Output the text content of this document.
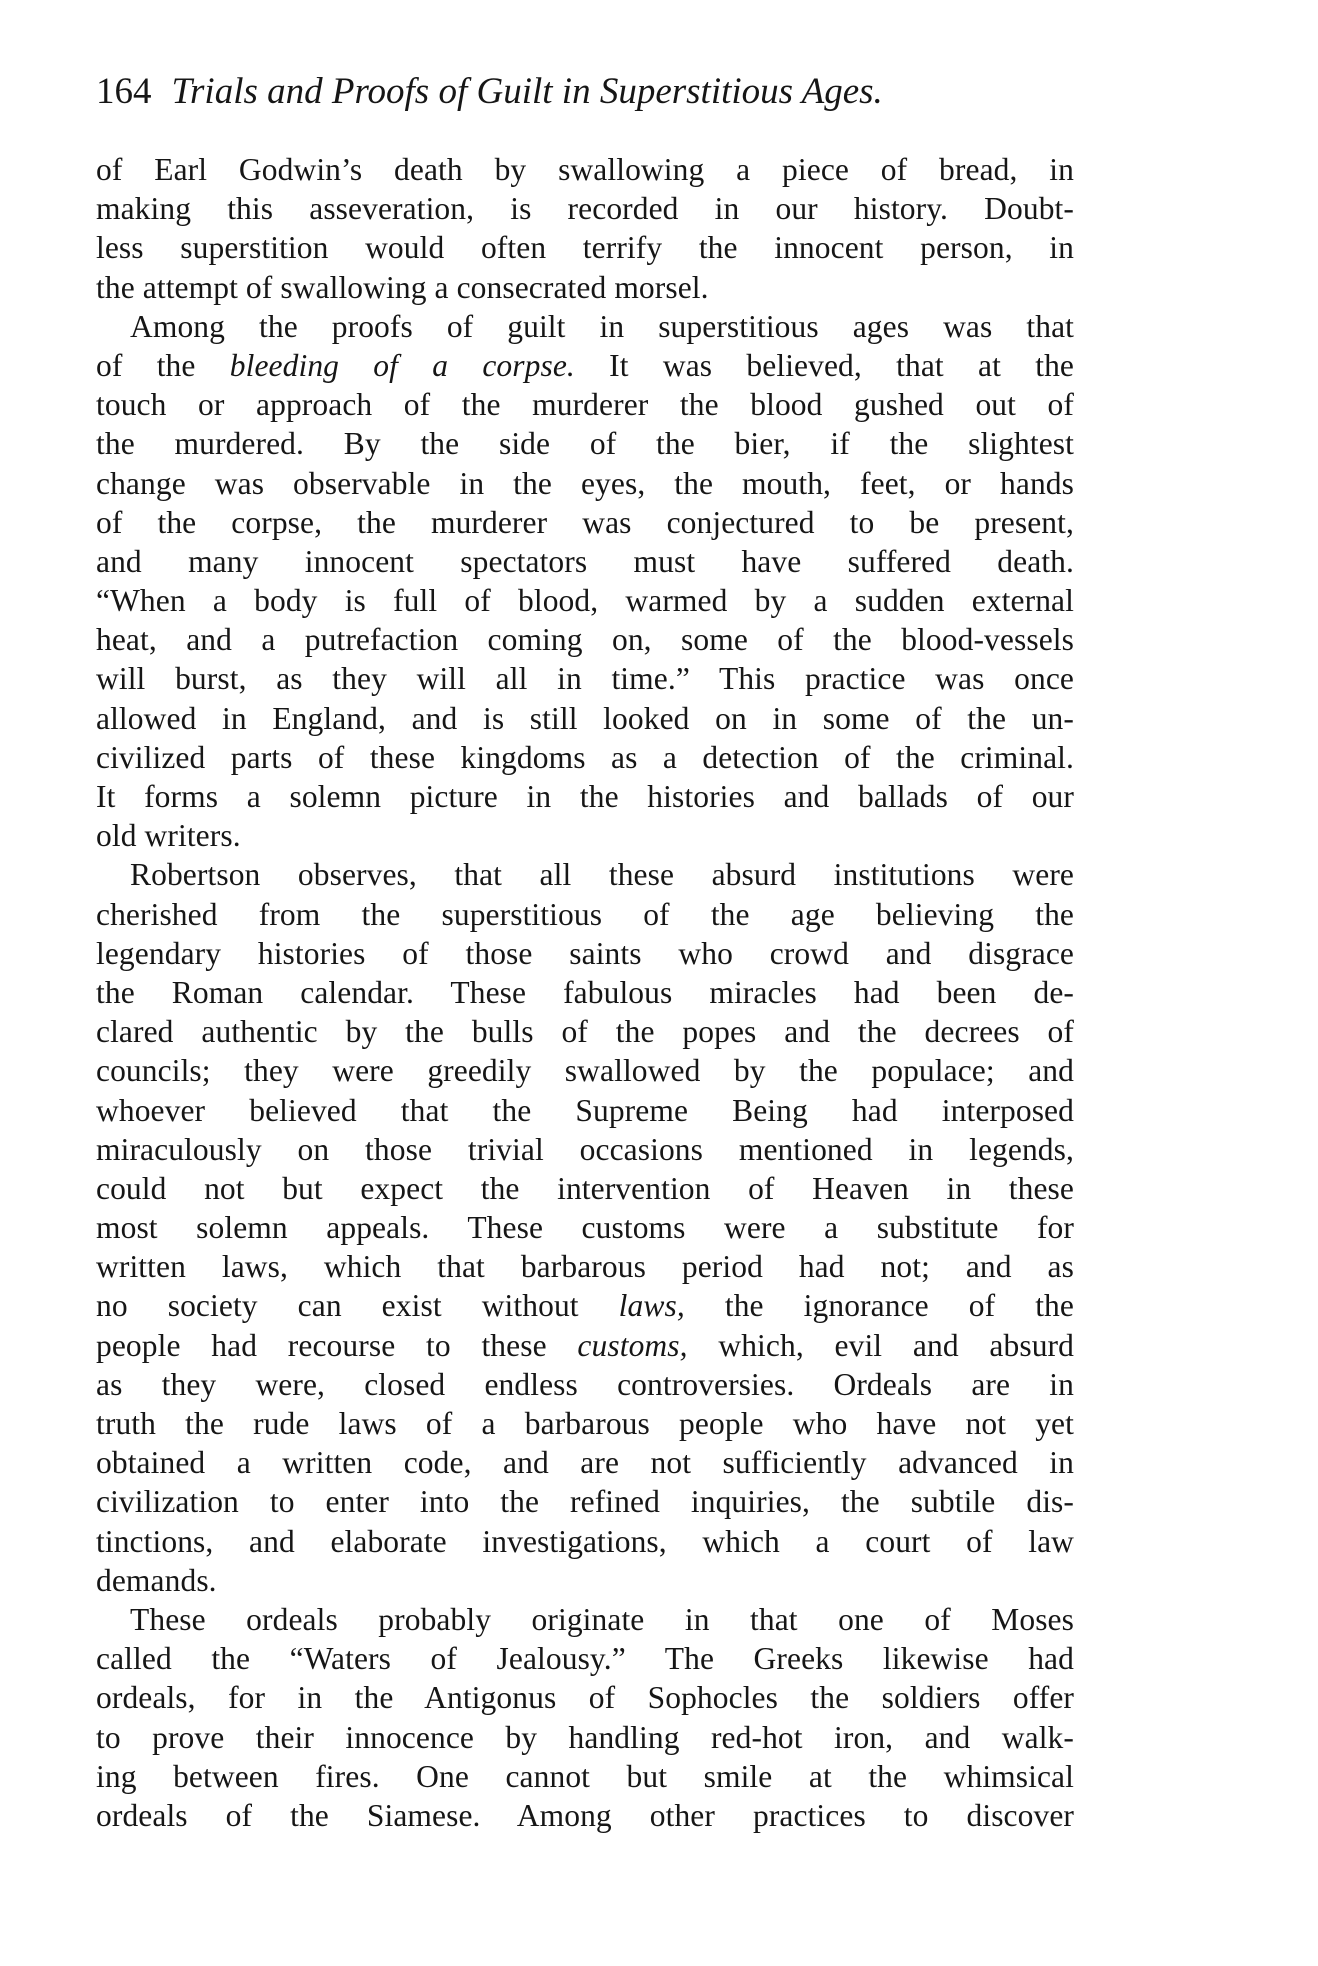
164 Trials and Proofs of Guilt in Superstitious Ages.
of Earl Godwin’s death by swallowing a piece of bread, in
making this asseveration, is recorded in our history. Doubt-
less superstition would often terrify the innocent person, in
the attempt of swallowing a consecrated morsel.
Among the proofs of guilt in superstitious ages was that
of the bleeding of a corpse. It was believed, that at the
touch or approach of the murderer the blood gushed out of
the murdered. By the side of the bier, if the slightest
change was observable in the eyes, the mouth, feet, or hands
of the corpse, the murderer was conjectured to be present,
and many innocent spectators must have suffered death.
“When a body is full of blood, warmed by a sudden external
heat, and a putrefaction coming on, some of the blood-vessels
will burst, as they will all in time.” This practice was once
allowed in England, and is still looked on in some of the un-
civilized parts of these kingdoms as a detection of the criminal.
It forms a solemn picture in the histories and ballads of our
old writers.
Robertson observes, that all these absurd institutions were
cherished from the superstitious of the age believing the
legendary histories of those saints who crowd and disgrace
the Roman calendar. These fabulous miracles had been de-
clared authentic by the bulls of the popes and the decrees of
councils; they were greedily swallowed by the populace; and
whoever believed that the Supreme Being had interposed
miraculously on those trivial occasions mentioned in legends,
could not but expect the intervention of Heaven in these
most solemn appeals. These customs were a substitute for
written laws, which that barbarous period had not; and as
no society can exist without laws, the ignorance of the
people had recourse to these customs, which, evil and absurd
as they were, closed endless controversies. Ordeals are in
truth the rude laws of a barbarous people who have not yet
obtained a written code, and are not sufficiently advanced in
civilization to enter into the refined inquiries, the subtile dis-
tinctions, and elaborate investigations, which a court of law
demands.
These ordeals probably originate in that one of Moses
called the “Waters of Jealousy.” The Greeks likewise had
ordeals, for in the Antigonus of Sophocles the soldiers offer
to prove their innocence by handling red-hot iron, and walk-
ing between fires. One cannot but smile at the whimsical
ordeals of the Siamese. Among other practices to discover
